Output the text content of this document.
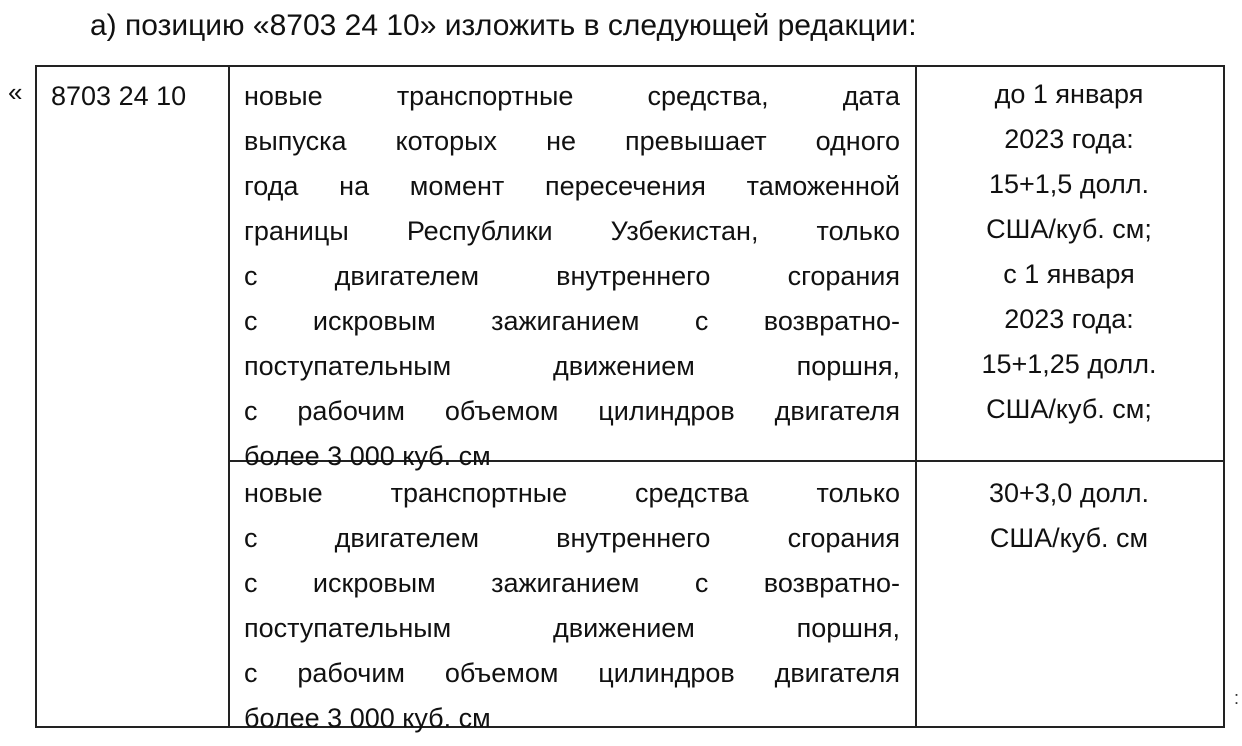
а) позицию «8703 24 10» изложить в следующей редакции:
«
:
8703 24 10 новые транспортные средства, дата
выпуска которых не превышает одного
года на момент пересечения таможенной
границы Республики Узбекистан, только
с двигателем внутреннего сгорания
с искровым зажиганием с возвратно-
поступательным движением поршня,
с рабочим объемом цилиндров двигателя
более 3 000 куб. см
до 1 января
2023 года:
15+1,5 долл.
США/куб. см;
с 1 января
2023 года:
15+1,25 долл.
США/куб. см;
новые транспортные средства только
с двигателем внутреннего сгорания
с искровым зажиганием с возвратно-
поступательным движением поршня,
с рабочим объемом цилиндров двигателя
более 3 000 куб. см
30+3,0 долл.
США/куб. см
